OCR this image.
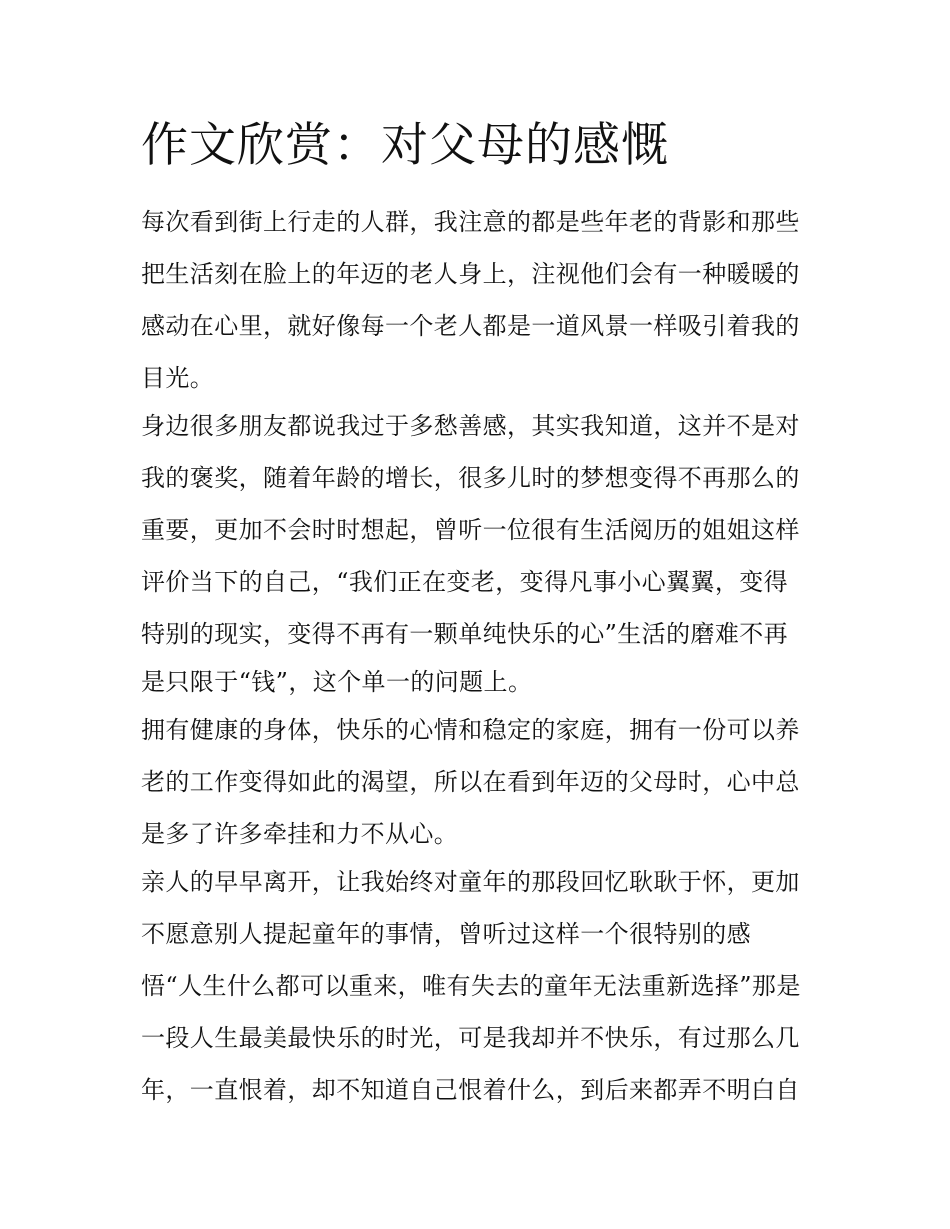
作文欣赏：对父母的感慨
每次看到街上行走的人群，我注意的都是些年老的背影和那些
把生活刻在脸上的年迈的老人身上，注视他们会有一种暖暖的
感动在心里，就好像每一个老人都是一道风景一样吸引着我的
目光。
身边很多朋友都说我过于多愁善感，其实我知道，这并不是对
我的褒奖，随着年龄的增长，很多儿时的梦想变得不再那么的
重要，更加不会时时想起，曾听一位很有生活阅历的姐姐这样
评价当下的自己，“我们正在变老，变得凡事小心翼翼，变得
特别的现实，变得不再有一颗单纯快乐的心”生活的磨难不再
是只限于“钱”，这个单一的问题上。
拥有健康的身体，快乐的心情和稳定的家庭，拥有一份可以养
老的工作变得如此的渴望，所以在看到年迈的父母时，心中总
是多了许多牵挂和力不从心。
亲人的早早离开，让我始终对童年的那段回忆耿耿于怀，更加
不愿意别人提起童年的事情，曾听过这样一个很特别的感
悟“人生什么都可以重来，唯有失去的童年无法重新选择”那是
一段人生最美最快乐的时光，可是我却并不快乐，有过那么几
年，一直恨着，却不知道自己恨着什么，到后来都弄不明白自
